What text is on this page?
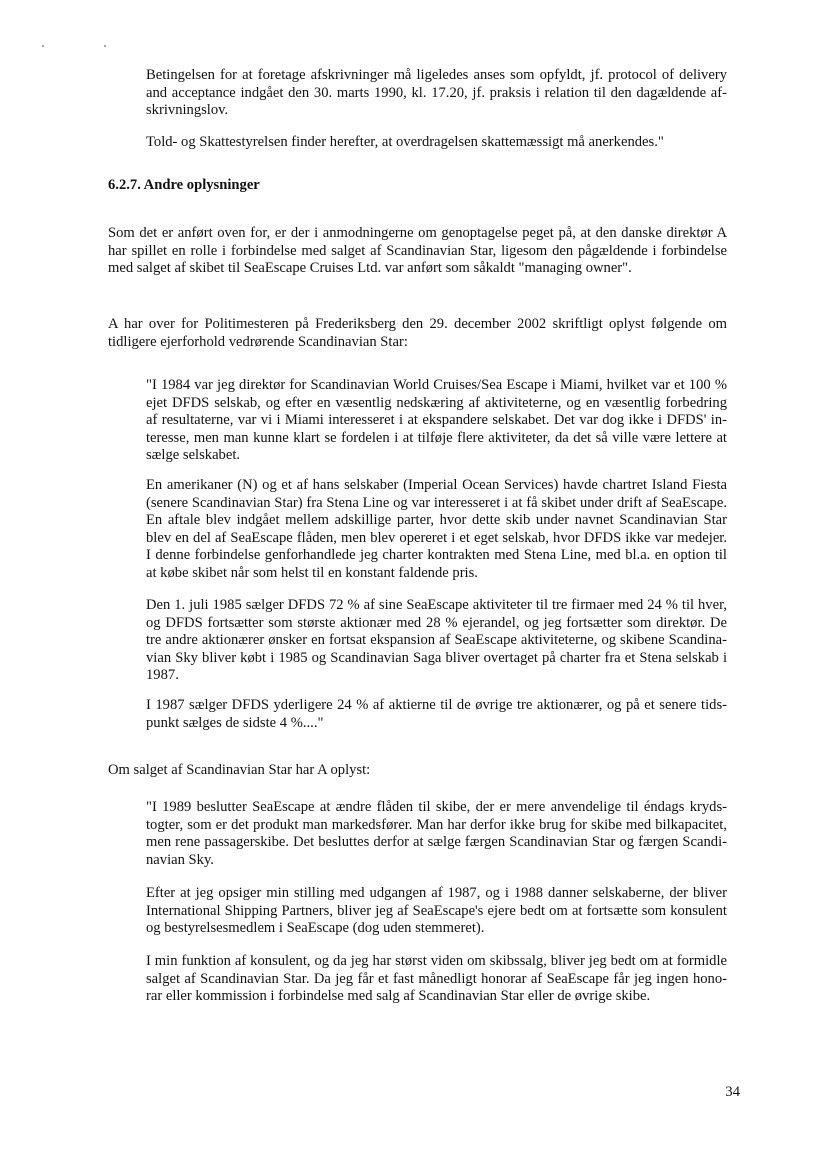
Betingelsen for at foretage afskrivninger må ligeledes anses som opfyldt, jf. protocol of delivery
and acceptance indgået den 30. marts 1990, kl. 17.20, jf. praksis i relation til den dagældende af-
skrivningslov.
Told- og Skattestyrelsen finder herefter, at overdragelsen skattemæssigt må anerkendes."
6.2.7. Andre oplysninger
Som det er anført oven for, er der i anmodningerne om genoptagelse peget på, at den danske direktør A
har spillet en rolle i forbindelse med salget af Scandinavian Star, ligesom den pågældende i forbindelse
med salget af skibet til SeaEscape Cruises Ltd. var anført som såkaldt "managing owner".
A har over for Politimesteren på Frederiksberg den 29. december 2002 skriftligt oplyst følgende om
tidligere ejerforhold vedrørende Scandinavian Star:
"I 1984 var jeg direktør for Scandinavian World Cruises/Sea Escape i Miami, hvilket var et 100 %
ejet DFDS selskab, og efter en væsentlig nedskæring af aktiviteterne, og en væsentlig forbedring
af resultaterne, var vi i Miami interesseret i at ekspandere selskabet. Det var dog ikke i DFDS' in-
teresse, men man kunne klart se fordelen i at tilføje flere aktiviteter, da det så ville være lettere at
sælge selskabet.
En amerikaner (N) og et af hans selskaber (Imperial Ocean Services) havde chartret Island Fiesta
(senere Scandinavian Star) fra Stena Line og var interesseret i at få skibet under drift af SeaEscape.
En aftale blev indgået mellem adskillige parter, hvor dette skib under navnet Scandinavian Star
blev en del af SeaEscape flåden, men blev opereret i et eget selskab, hvor DFDS ikke var medejer.
I denne forbindelse genforhandlede jeg charter kontrakten med Stena Line, med bl.a. en option til
at købe skibet når som helst til en konstant faldende pris.
Den 1. juli 1985 sælger DFDS 72 % af sine SeaEscape aktiviteter til tre firmaer med 24 % til hver,
og DFDS fortsætter som største aktionær med 28 % ejerandel, og jeg fortsætter som direktør. De
tre andre aktionærer ønsker en fortsat ekspansion af SeaEscape aktiviteterne, og skibene Scandina-
vian Sky bliver købt i 1985 og Scandinavian Saga bliver overtaget på charter fra et Stena selskab i
1987.
I 1987 sælger DFDS yderligere 24 % af aktierne til de øvrige tre aktionærer, og på et senere tids-
punkt sælges de sidste 4 %...."
Om salget af Scandinavian Star har A oplyst:
"I 1989 beslutter SeaEscape at ændre flåden til skibe, der er mere anvendelige til éndags kryds-
togter, som er det produkt man markedsfører. Man har derfor ikke brug for skibe med bilkapacitet,
men rene passagerskibe. Det besluttes derfor at sælge færgen Scandinavian Star og færgen Scandi-
navian Sky.
Efter at jeg opsiger min stilling med udgangen af 1987, og i 1988 danner selskaberne, der bliver
International Shipping Partners, bliver jeg af SeaEscape's ejere bedt om at fortsætte som konsulent
og bestyrelsesmedlem i SeaEscape (dog uden stemmeret).
I min funktion af konsulent, og da jeg har størst viden om skibssalg, bliver jeg bedt om at formidle
salget af Scandinavian Star. Da jeg får et fast månedligt honorar af SeaEscape får jeg ingen hono-
rar eller kommission i forbindelse med salg af Scandinavian Star eller de øvrige skibe.
34
